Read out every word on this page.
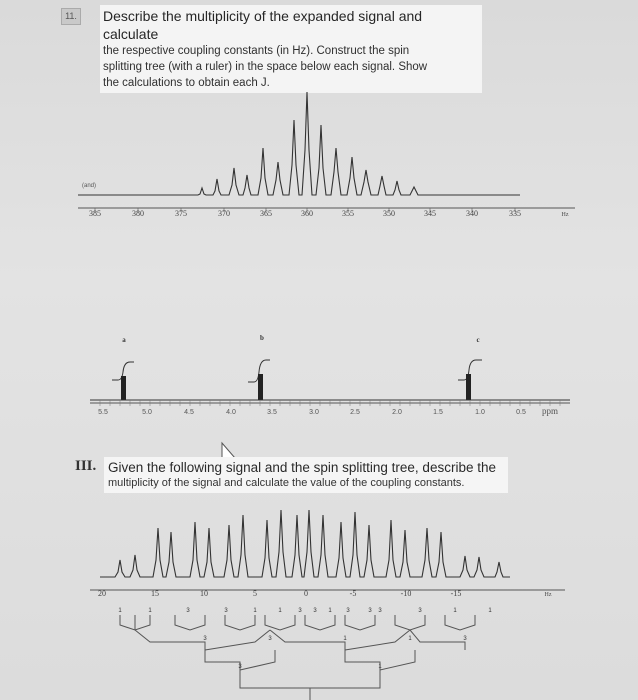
11. Describe the multiplicity of the expanded signal and calculate

the respective coupling constants (in Hz). Construct the spin

splitting tree (with a ruler) in the space below each signal. Show

the calculations to obtain each J.

(and)
385	380	375	370	365	360	355	350	345	340	335	Hz
a	b	c
5.5	5.0	4.5	4.0	3.5	3.0	2.5	2.0	1.5	1.0	0.5 ppm
20	15	10	5	0	-5	-10	-15	Hz
1	1	3	3	1	1	3 3 1 3	3 3	3	1	1
3	3	1	1	3
3	1
III. Given the following signal and the spin splitting tree, describe the

multiplicity of the signal and calculate the value of the coupling constants.
